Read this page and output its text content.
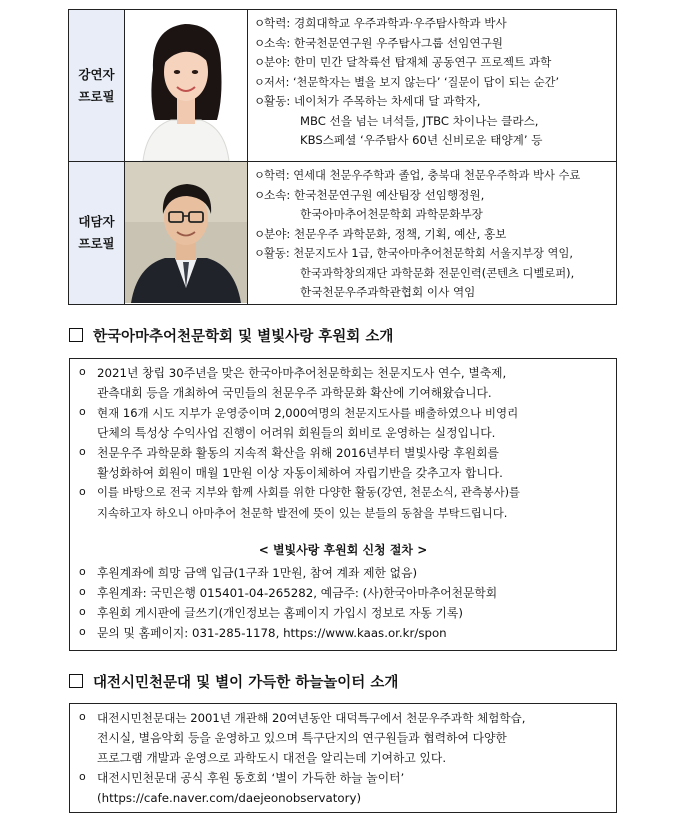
강연자
프로필
ㅇ학력: 경희대학교 우주과학과·우주탐사학과 박사
ㅇ소속: 한국천문연구원 우주탐사그룹 선임연구원
ㅇ분야: 한미 민간 달착륙선 탑재체 공동연구 프로젝트 과학
ㅇ저서: ‘천문학자는 별을 보지 않는다’ ‘질문이 답이 되는 순간’
ㅇ활동: 네이처가 주목하는 차세대 달 과학자,
MBC 선을 넘는 녀석들, JTBC 차이나는 클라스,
KBS스페셜 ‘우주탐사 60년 신비로운 태양계’ 등
대담자
프로필
ㅇ학력: 연세대 천문우주학과 졸업, 충북대 천문우주학과 박사 수료
ㅇ소속: 한국천문연구원 예산팀장 선임행정원,
한국아마추어천문학회 과학문화부장
ㅇ분야: 천문우주 과학문화, 정책, 기획, 예산, 홍보
ㅇ활동: 천문지도사 1급, 한국아마추어천문학회 서울지부장 역임,
한국과학창의재단 과학문화 전문인력(콘텐츠 디벨로퍼),
한국천문우주과학관협회 이사 역임
한국아마추어천문학회 및 별빛사랑 후원회 소개
o 2021년 창립 30주년을 맞은 한국아마추어천문학회는 천문지도사 연수, 별축제,
관측대회 등을 개최하여 국민들의 천문우주 과학문화 확산에 기여해왔습니다.
o 현재 16개 시도 지부가 운영중이며 2,000여명의 천문지도사를 배출하였으나 비영리
단체의 특성상 수익사업 진행이 어려워 회원들의 회비로 운영하는 실정입니다.
o 천문우주 과학문화 활동의 지속적 확산을 위해 2016년부터 별빛사랑 후원회를
활성화하여 회원이 매월 1만원 이상 자동이체하여 자립기반을 갖추고자 합니다.
o 이를 바탕으로 전국 지부와 함께 사회를 위한 다양한 활동(강연, 천문소식, 관측봉사)를
지속하고자 하오니 아마추어 천문학 발전에 뜻이 있는 분들의 동참을 부탁드립니다.
< 별빛사랑 후원회 신청 절차 >
o 후원계좌에 희망 금액 입금(1구좌 1만원, 참여 계좌 제한 없음)
o 후원계좌: 국민은행 015401-04-265282, 예금주: (사)한국아마추어천문학회
o 후원회 게시판에 글쓰기(개인정보는 홈페이지 가입시 정보로 자동 기록)
o 문의 및 홈페이지: 031-285-1178, https://www.kaas.or.kr/spon
대전시민천문대 및 별이 가득한 하늘놀이터 소개
o 대전시민천문대는 2001년 개관해 20여년동안 대덕특구에서 천문우주과학 체험학습,
전시실, 별음악회 등을 운영하고 있으며 특구단지의 연구원들과 협력하여 다양한
프로그램 개발과 운영으로 과학도시 대전을 알리는데 기여하고 있다.
o 대전시민천문대 공식 후원 동호회 ‘별이 가득한 하늘 놀이터’
(https://cafe.naver.com/daejeonobservatory)
